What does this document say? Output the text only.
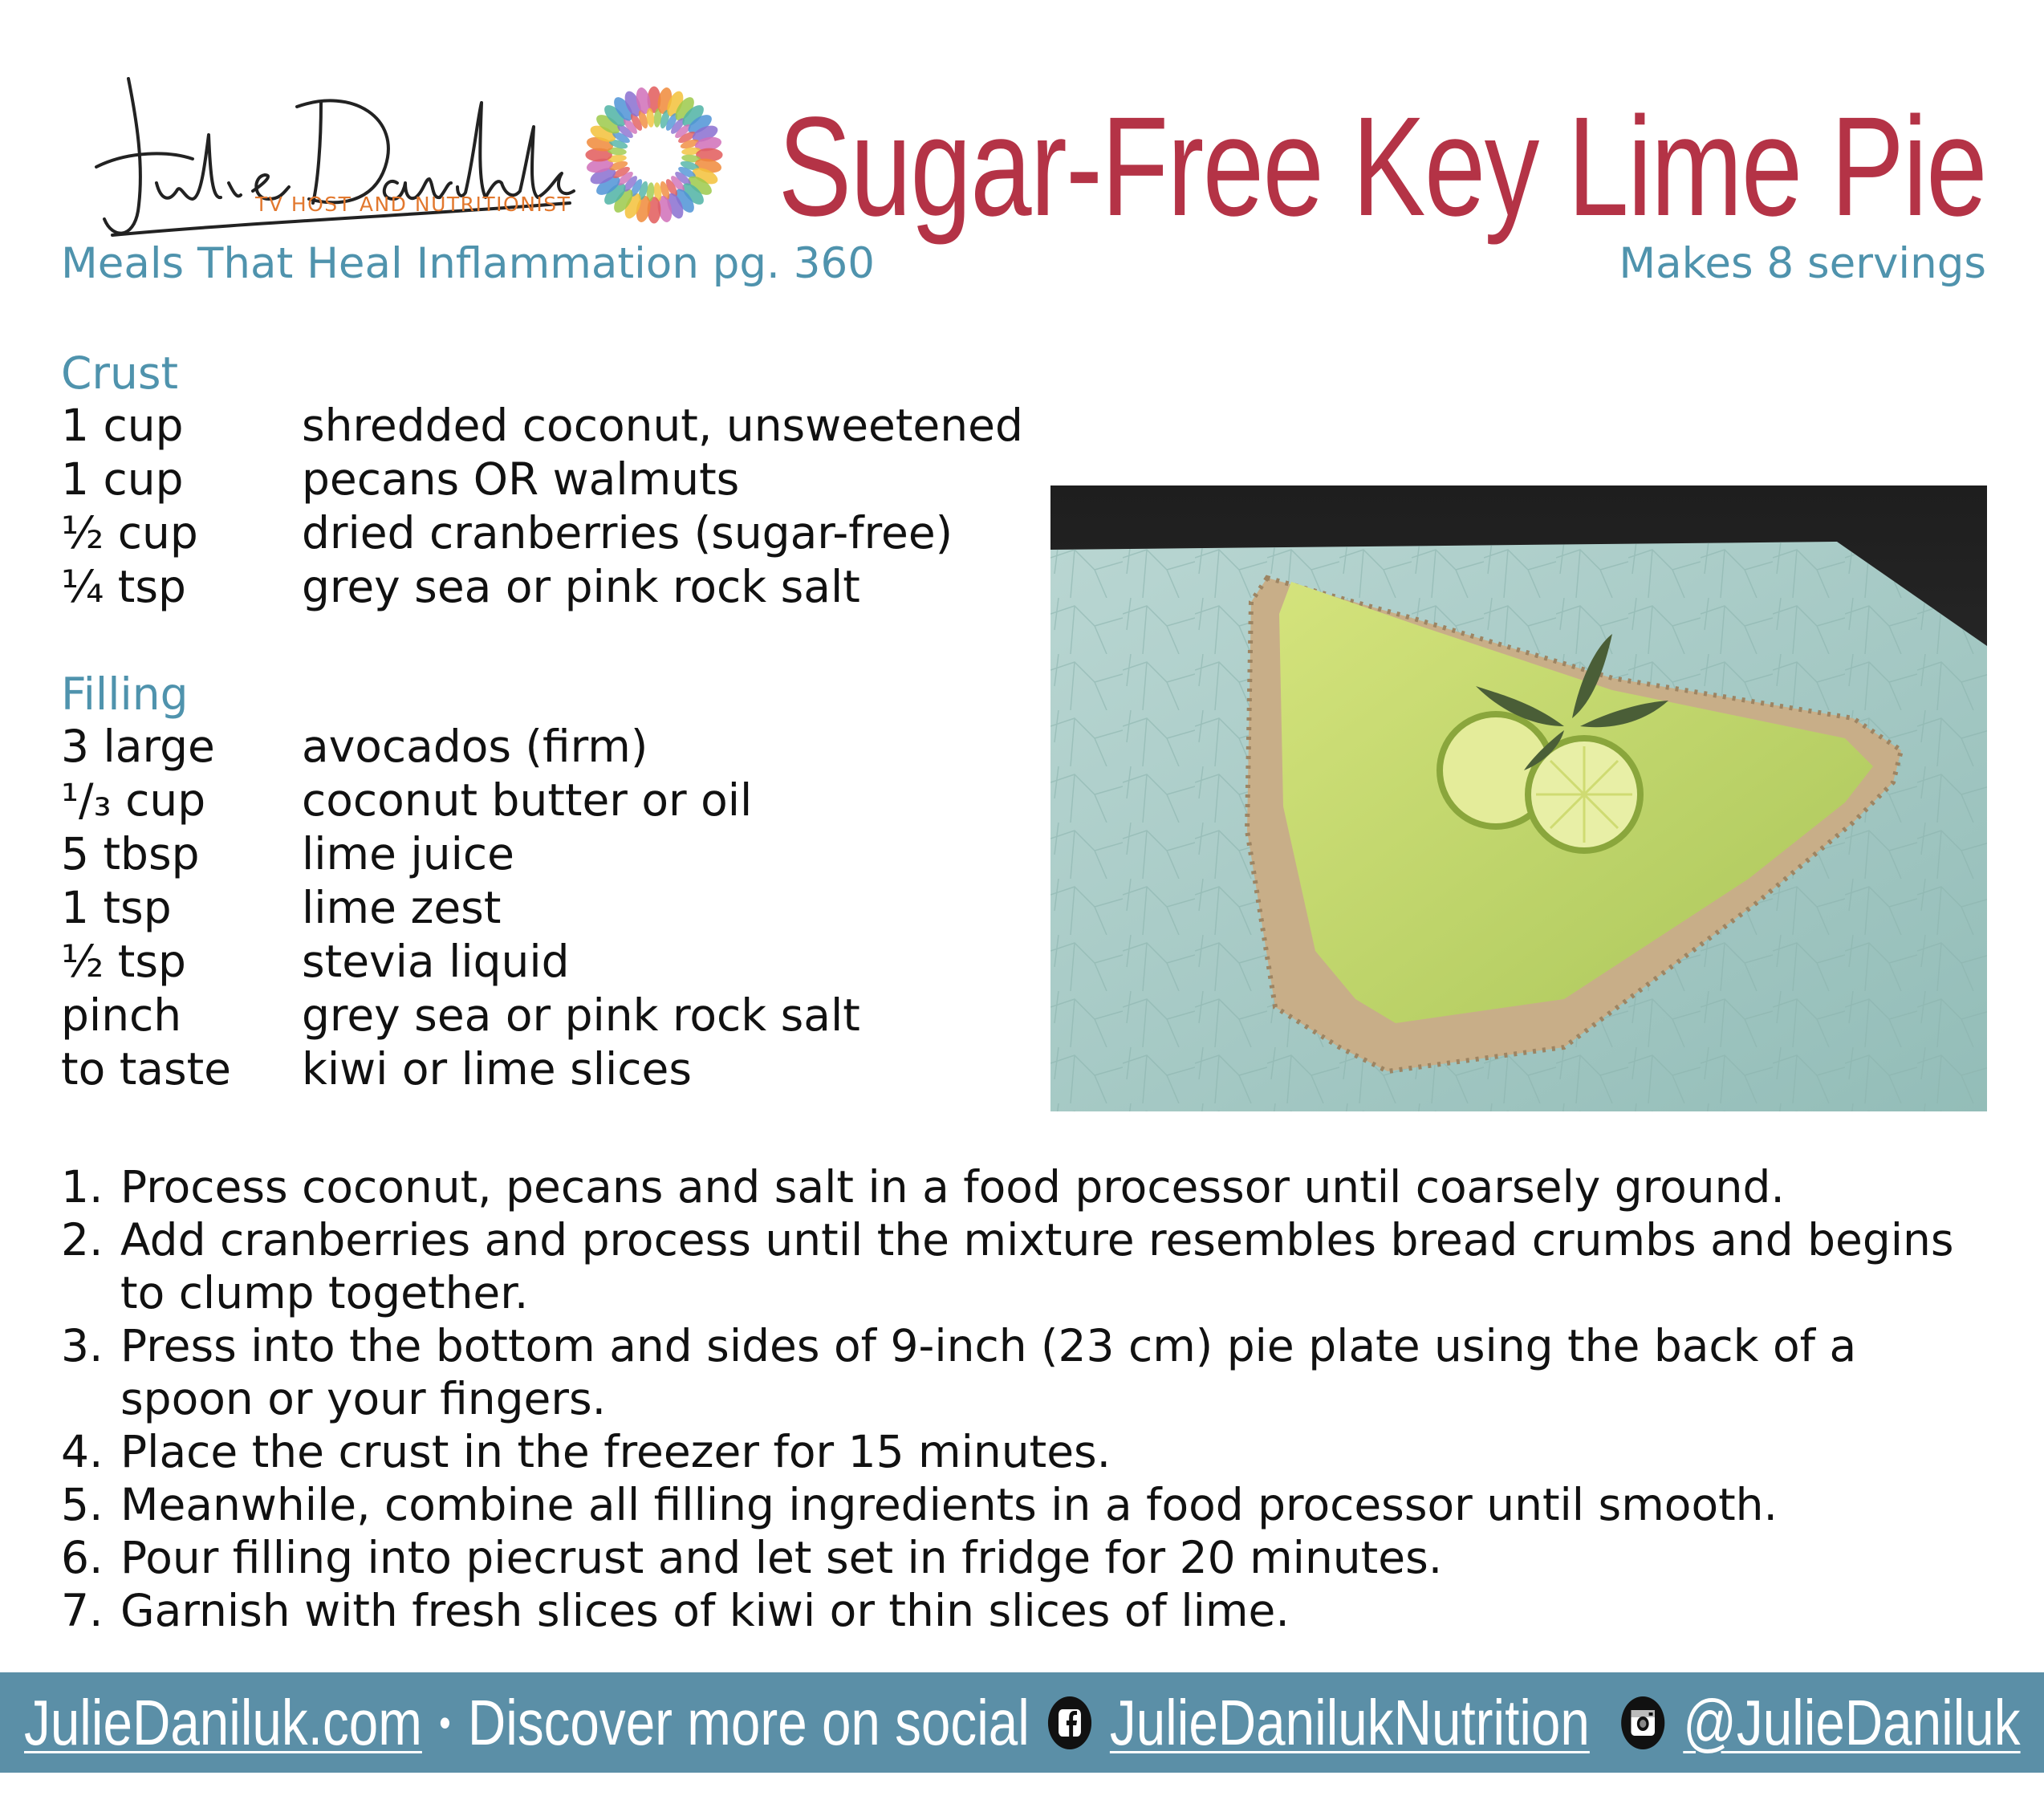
TV HOST AND NUTRITIONIST
Meals That Heal Inflammation pg. 360
Sugar-Free Key Lime Pie
Makes 8 servings
Crust
1 cup	shredded coconut, unsweetened
1 cup	pecans OR walmuts
½ cup	dried cranberries (sugar-free)
¼ tsp	grey sea or pink rock salt
Filling
3 large	avocados (firm)
¹/₃ cup	coconut butter or oil
5 tbsp	lime juice
1 tsp	lime zest
½ tsp	stevia liquid
pinch	grey sea or pink rock salt
to taste	kiwi or lime slices
1. Process coconut, pecans and salt in a food processor until coarsely ground.
2. Add cranberries and process until the mixture resembles bread crumbs and begins to clump together.
3. Press into the bottom and sides of 9-inch (23 cm) pie plate using the back of a spoon or your fingers.
4. Place the crust in the freezer for 15 minutes.
5. Meanwhile, combine all filling ingredients in a food processor until smooth.
6. Pour filling into piecrust and let set in fridge for 20 minutes.
7. Garnish with fresh slices of kiwi or thin slices of lime.
JulieDaniluk.com • Discover more on social JulieDanilukNutrition @JulieDaniluk
